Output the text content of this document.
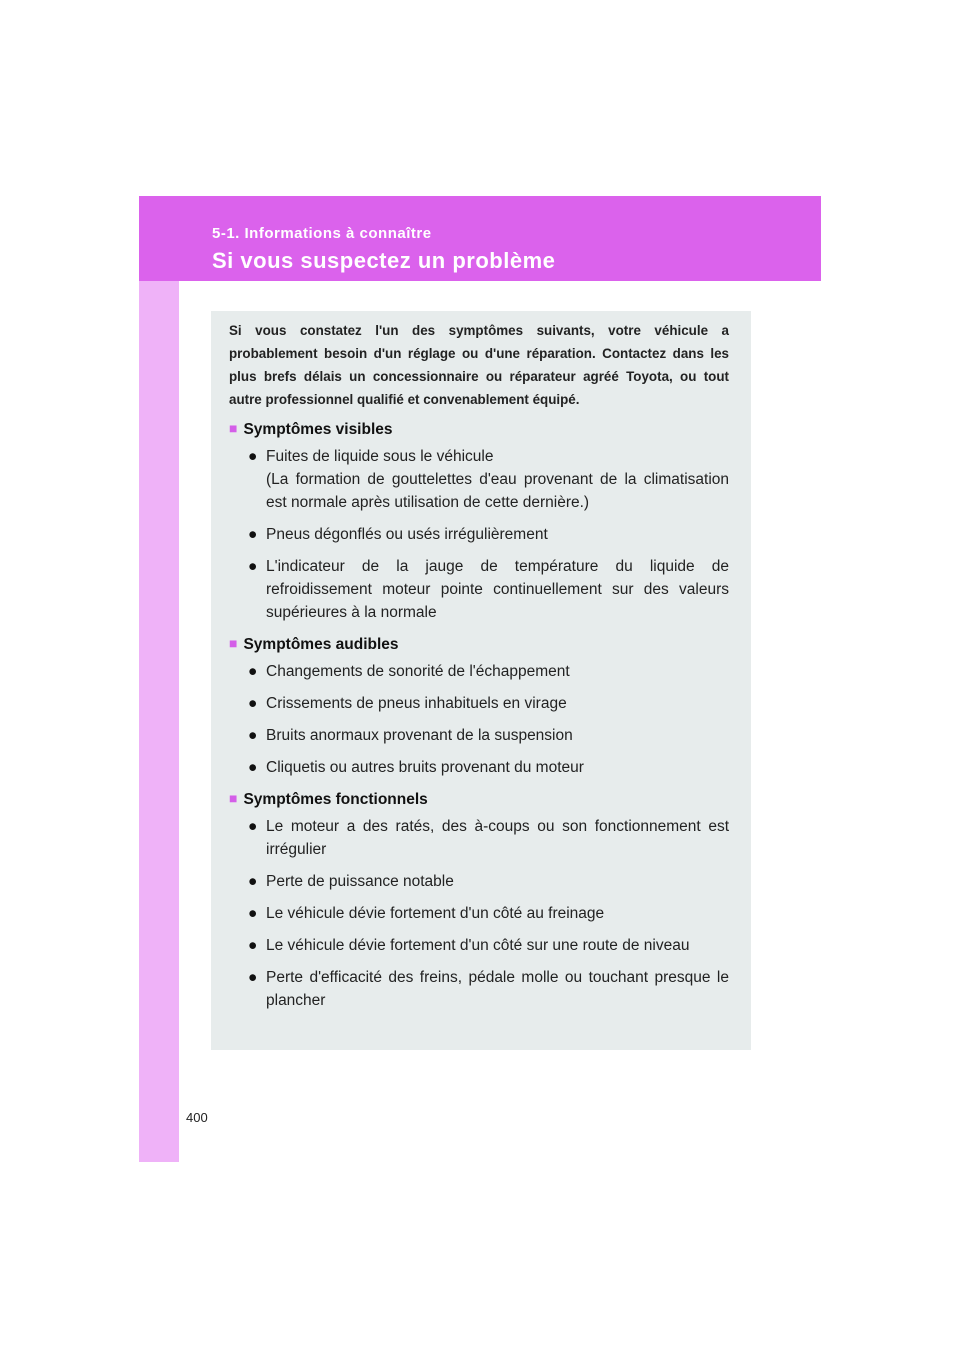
5-1. Informations à connaître
Si vous suspectez un problème

Si vous constatez l'un des symptômes suivants, votre véhicule a probablement besoin d'un réglage ou d'une réparation. Contactez dans les plus brefs délais un concessionnaire ou réparateur agréé Toyota, ou tout autre professionnel qualifié et convenablement équipé.

■ Symptômes visibles
● Fuites de liquide sous le véhicule
(La formation de gouttelettes d'eau provenant de la climatisation est normale après utilisation de cette dernière.)
● Pneus dégonflés ou usés irrégulièrement
● L'indicateur de la jauge de température du liquide de refroidissement moteur pointe continuellement sur des valeurs supérieures à la normale
■ Symptômes audibles
● Changements de sonorité de l'échappement
● Crissements de pneus inhabituels en virage
● Bruits anormaux provenant de la suspension
● Cliquetis ou autres bruits provenant du moteur
■ Symptômes fonctionnels
● Le moteur a des ratés, des à-coups ou son fonctionnement est irrégulier
● Perte de puissance notable
● Le véhicule dévie fortement d'un côté au freinage
● Le véhicule dévie fortement d'un côté sur une route de niveau
● Perte d'efficacité des freins, pédale molle ou touchant presque le plancher
400
